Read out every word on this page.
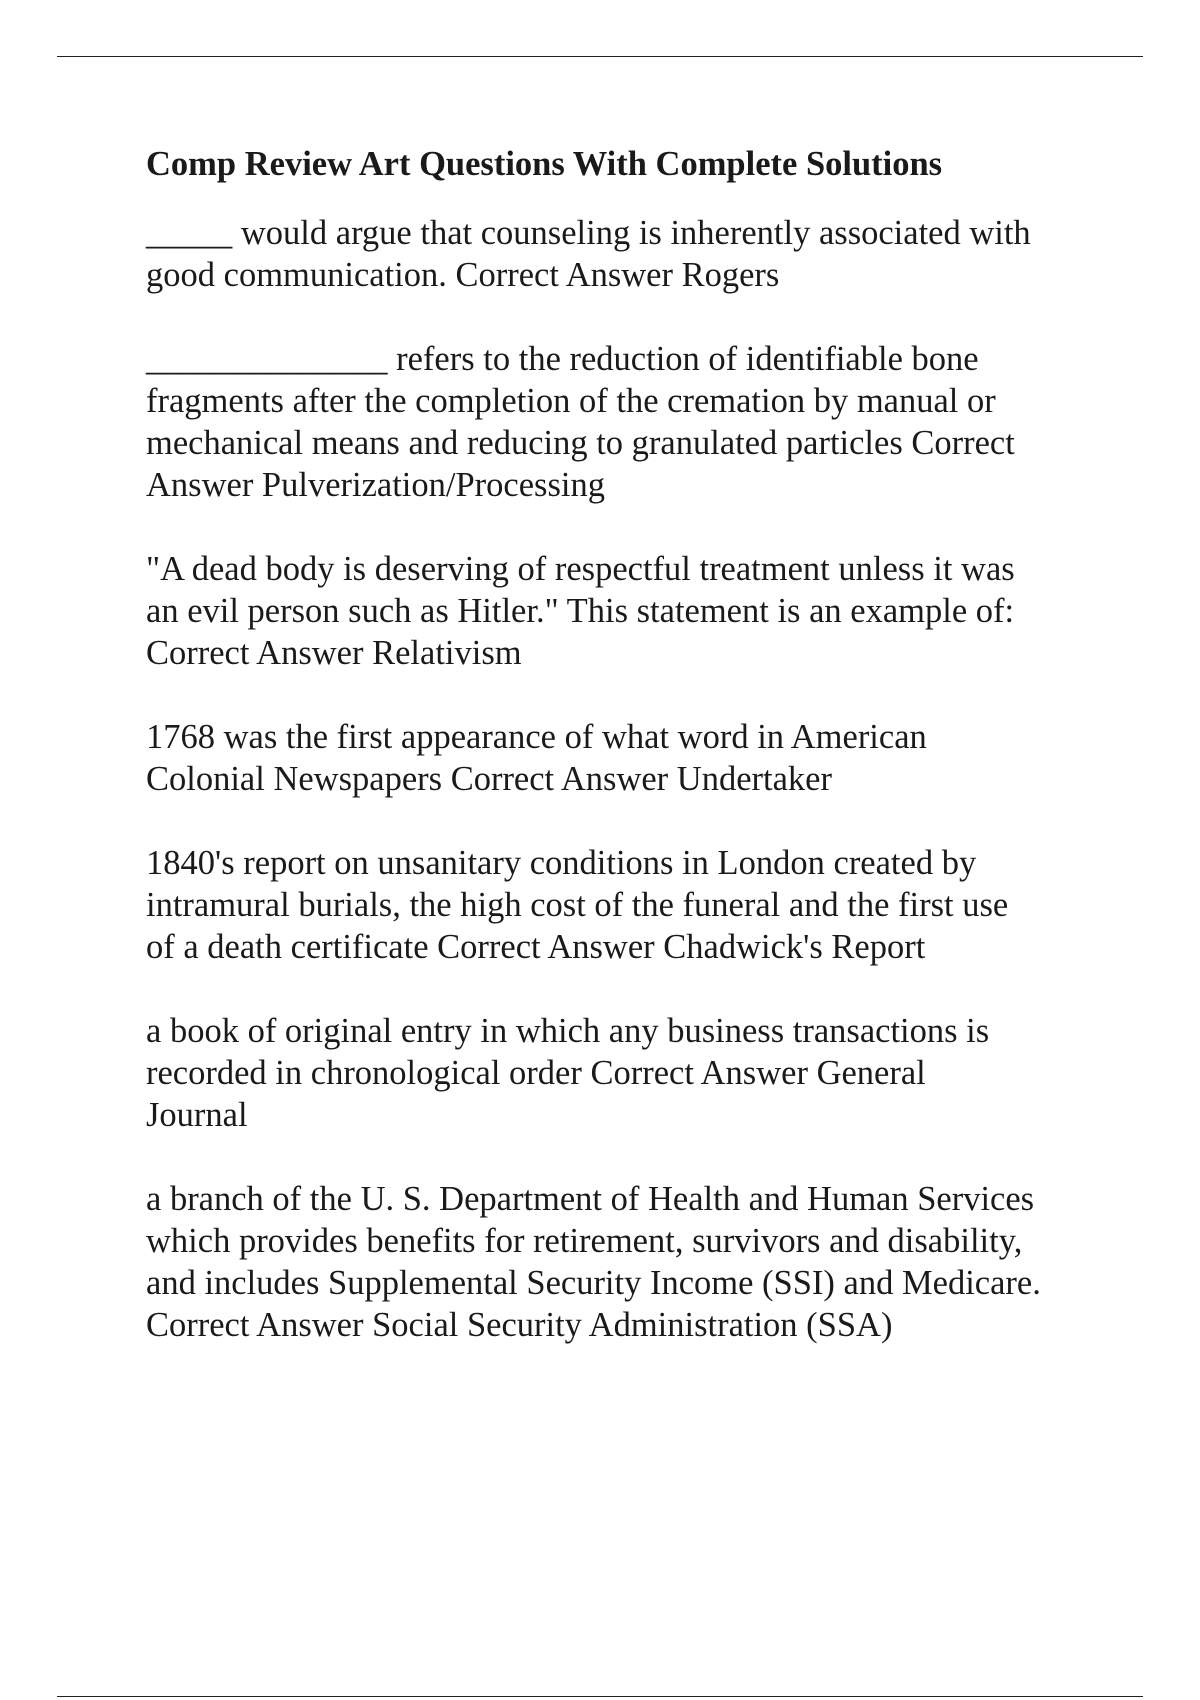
Comp Review Art Questions With Complete Solutions

_____ would argue that counseling is inherently associated with
good communication. Correct Answer Rogers

______________ refers to the reduction of identifiable bone
fragments after the completion of the cremation by manual or
mechanical means and reducing to granulated particles Correct
Answer Pulverization/Processing

"A dead body is deserving of respectful treatment unless it was
an evil person such as Hitler." This statement is an example of:
Correct Answer Relativism

1768 was the first appearance of what word in American
Colonial Newspapers Correct Answer Undertaker

1840's report on unsanitary conditions in London created by
intramural burials, the high cost of the funeral and the first use
of a death certificate Correct Answer Chadwick's Report

a book of original entry in which any business transactions is
recorded in chronological order Correct Answer General
Journal

a branch of the U. S. Department of Health and Human Services
which provides benefits for retirement, survivors and disability,
and includes Supplemental Security Income (SSI) and Medicare.
Correct Answer Social Security Administration (SSA)
